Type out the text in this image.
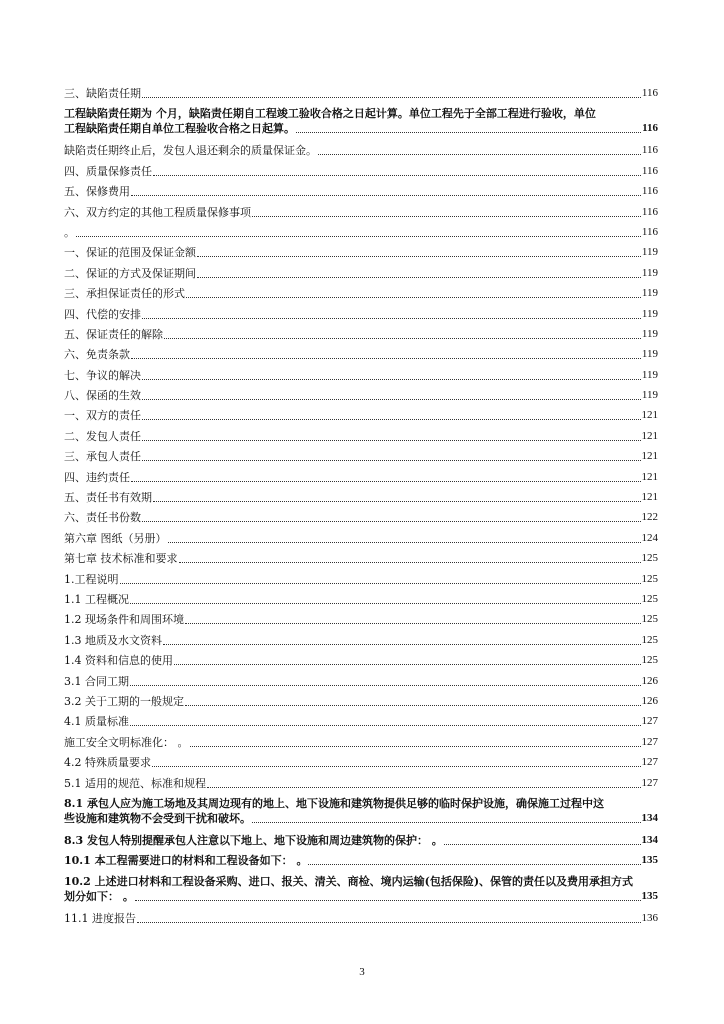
三、缺陷责任期	116
工程缺陷责任期为 个月，缺陷责任期自工程竣工验收合格之日起计算。单位工程先于全部工程进行验收，单位
工程缺陷责任期自单位工程验收合格之日起算。	116
缺陷责任期终止后，发包人退还剩余的质量保证金。	116
四、质量保修责任	116
五、保修费用	116
六、双方约定的其他工程质量保修事项	116
。	116
一、保证的范围及保证金额	119
二、保证的方式及保证期间	119
三、承担保证责任的形式	119
四、代偿的安排	119
五、保证责任的解除	119
六、免责条款	119
七、争议的解决	119
八、保函的生效	119
一、双方的责任	121
二、发包人责任	121
三、承包人责任	121
四、违约责任	121
五、责任书有效期	121
六、责任书份数	122
第六章 图纸（另册）	124
第七章 技术标准和要求	125
1.工程说明	125
1.1 工程概况	125
1.2 现场条件和周围环境	125
1.3 地质及水文资料	125
1.4 资料和信息的使用	125
3.1 合同工期	126
3.2 关于工期的一般规定	126
4.1 质量标准	127
施工安全文明标准化： 。	127
4.2 特殊质量要求	127
5.1 适用的规范、标准和规程	127
8.1 承包人应为施工场地及其周边现有的地上、地下设施和建筑物提供足够的临时保护设施，确保施工过程中这
些设施和建筑物不会受到干扰和破坏。	134
8.3 发包人特别提醒承包人注意以下地上、地下设施和周边建筑物的保护： 。	134
10.1 本工程需要进口的材料和工程设备如下： 。	135
10.2 上述进口材料和工程设备采购、进口、报关、清关、商检、境内运输(包括保险)、保管的责任以及费用承担方式
划分如下： 。	135
11.1 进度报告	136
3
